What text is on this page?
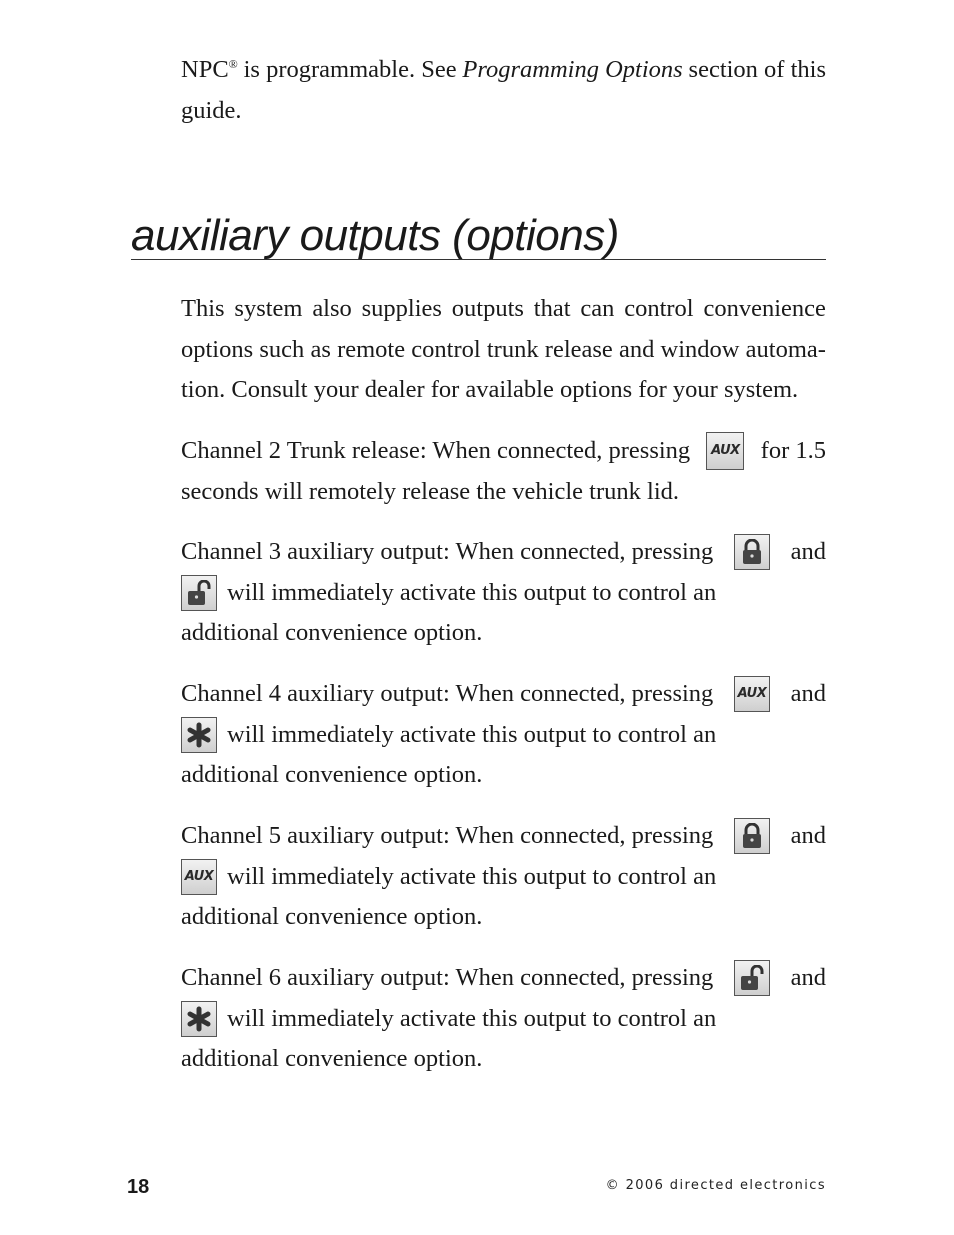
NPC® is programmable. See Programming Options section of this
guide.
auxiliary outputs (options)
This system also supplies outputs that can control convenience
options such as remote control trunk release and window automa-
tion. Consult your dealer for available options for your system.
Channel 2 Trunk release: When connected, pressing AUX for 1.5
seconds will remotely release the vehicle trunk lid.
Channel 3 auxiliary output: When connected, pressing	and
will immediately activate this output to control an
additional convenience option.
Channel 4 auxiliary output: When connected, pressing AUX and
will immediately activate this output to control an
additional convenience option.
Channel 5 auxiliary output: When connected, pressing	and
AUX will immediately activate this output to control an
additional convenience option.
Channel 6 auxiliary output: When connected, pressing	and
will immediately activate this output to control an
additional convenience option.
18	© 2006 directed electronics
